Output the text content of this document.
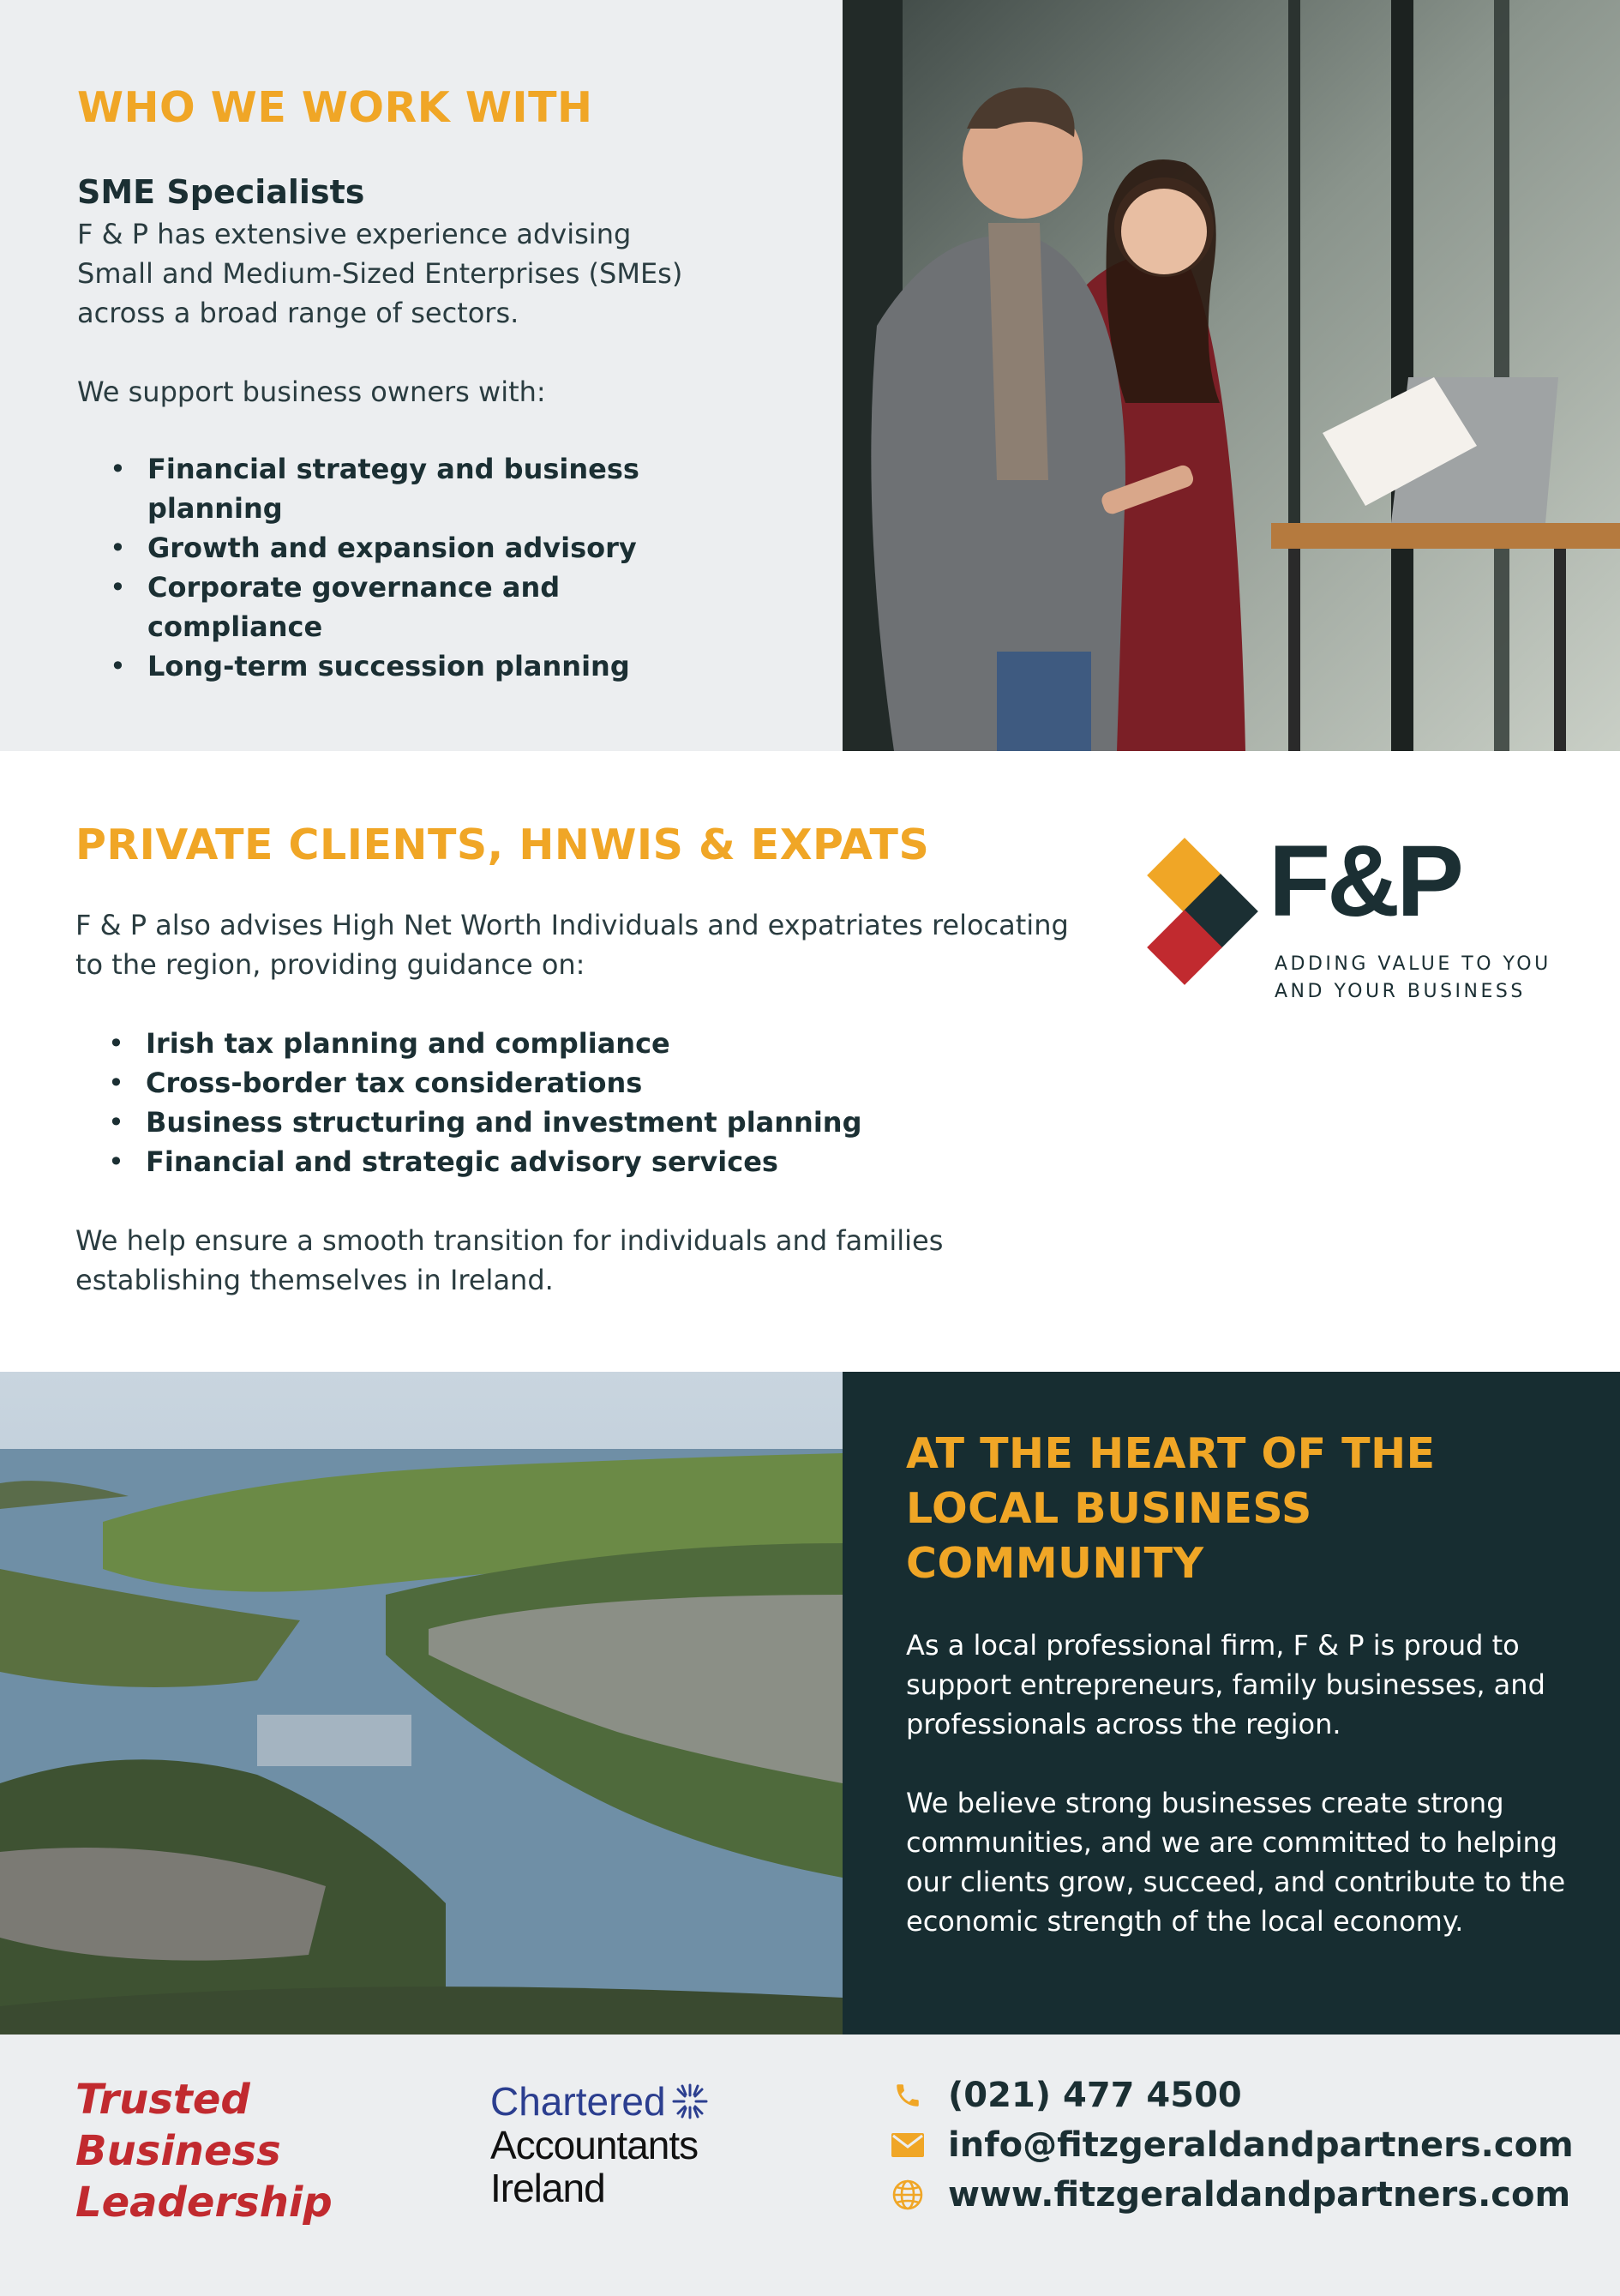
WHO WE WORK WITH
SME Specialists

F & P has extensive experience advising Small and Medium-Sized Enterprises (SMEs) across a broad range of sectors.

We support business owners with:

• Financial strategy and business planning
• Growth and expansion advisory
• Corporate governance and compliance
• Long-term succession planning
PRIVATE CLIENTS, HNWIS & EXPATS

F & P also advises High Net Worth Individuals and expatriates relocating to the region, providing guidance on:

• Irish tax planning and compliance
• Cross-border tax considerations
• Business structuring and investment planning
• Financial and strategic advisory services

We help ensure a smooth transition for individuals and families establishing themselves in Ireland.

F&P
ADDING VALUE TO YOU
AND YOUR BUSINESS
AT THE HEART OF THE
LOCAL BUSINESS
COMMUNITY

As a local professional firm, F & P is proud to support entrepreneurs, family businesses, and professionals across the region.

We believe strong businesses create strong communities, and we are committed to helping our clients grow, succeed, and contribute to the economic strength of the local economy.

Trusted
Business
Leadership
Chartered
Accountants
Ireland
(021) 477 4500
info@fitzgeraldandpartners.com
www.fitzgeraldandpartners.com
